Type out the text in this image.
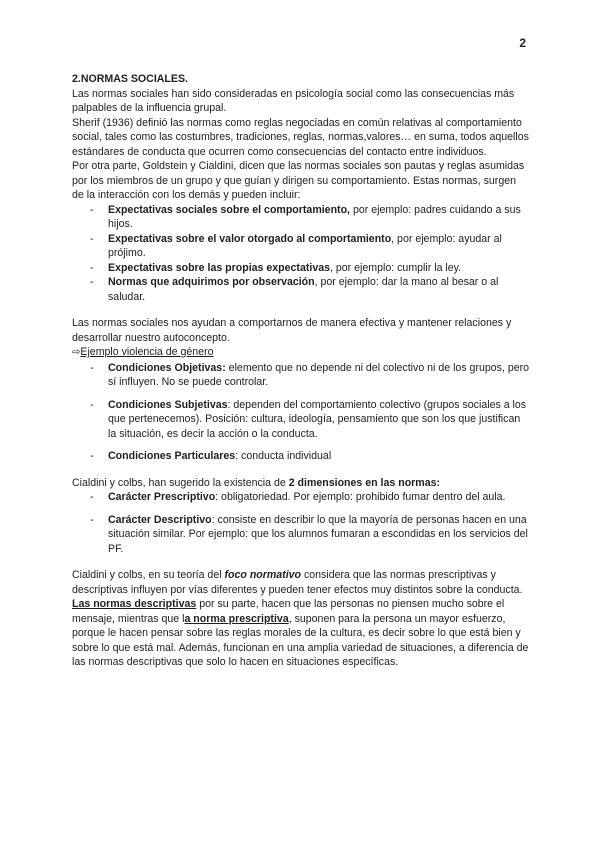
2

2.NORMAS SOCIALES.

Las normas sociales han sido consideradas en psicología social como las consecuencias más palpables de la influencia grupal.

Sherif (1936) definió las normas como reglas negociadas en común relativas al comportamiento social, tales como las costumbres, tradiciones, reglas, normas,valores… en suma, todos aquellos estándares de conducta que ocurren como consecuencias del contacto entre individuos.

Por otra parte, Goldstein y Cialdini, dicen que las normas sociales son pautas y reglas asumidas por los miembros de un grupo y que guían y dirigen su comportamiento. Estas normas, surgen de la interacción con los demás y pueden incluir:

- Expectativas sociales sobre el comportamiento, por ejemplo: padres cuidando a sus hijos.
- Expectativas sobre el valor otorgado al comportamiento, por ejemplo: ayudar al prójimo.
- Expectativas sobre las propias expectativas, por ejemplo: cumplir la ley.
- Normas que adquirimos por observación, por ejemplo: dar la mano al besar o al saludar.

Las normas sociales nos ayudan a comportarnos de manera efectiva y mantener relaciones y desarrollar nuestro autoconcepto.

⇨Ejemplo violencia de género

- Condiciones Objetivas: elemento que no depende ni del colectivo ni de los grupos, pero sí influyen. No se puede controlar.
- Condiciones Subjetivas: dependen del comportamiento colectivo (grupos sociales a los que pertenecemos). Posición: cultura, ideología, pensamiento que son los que justifican la situación, es decir la acción o la conducta.
- Condiciones Particulares: conducta individual

Cialdini y colbs, han sugerido la existencia de 2 dimensiones en las normas:

- Carácter Prescriptivo: obligatoriedad. Por ejemplo: prohibido fumar dentro del aula.
- Carácter Descriptivo: consiste en describir lo que la mayoría de personas hacen en una situación similar. Por ejemplo: que los alumnos fumaran a escondidas en los servicios del PF.

Cialdini y colbs, en su teoría del foco normativo considera que las normas prescriptivas y descriptivas influyen por vías diferentes y pueden tener efectos muy distintos sobre la conducta. Las normas descriptivas por su parte, hacen que las personas no piensen mucho sobre el mensaje, mientras que la norma prescriptiva, suponen para la persona un mayor esfuerzo, porque le hacen pensar sobre las reglas morales de la cultura, es decir sobre lo que está bien y sobre lo que está mal. Además, funcionan en una amplia variedad de situaciones, a diferencia de las normas descriptivas que solo lo hacen en situaciones específicas.
